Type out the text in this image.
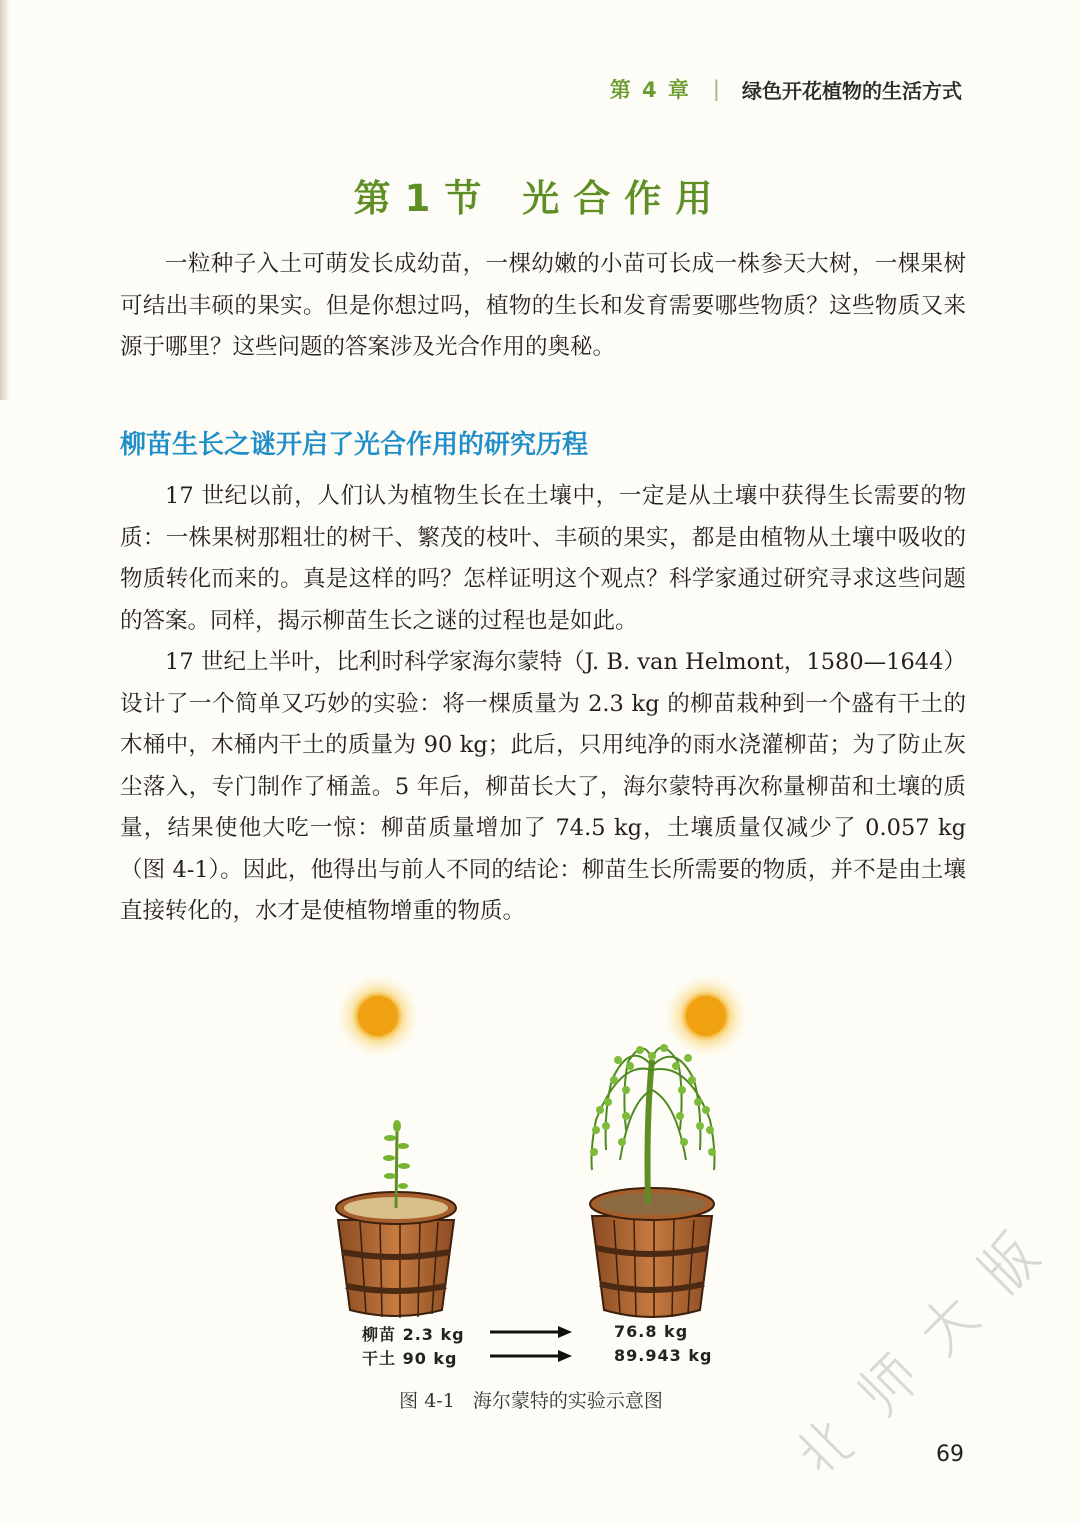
第 4 章 | 绿色开花植物的生活方式
第1节 光合作用

一粒种子入土可萌发长成幼苗，一棵幼嫩的小苗可长成一株参天大树，一棵果树可结出丰硕的果实。但是你想过吗，植物的生长和发育需要哪些物质？这些物质又来源于哪里？这些问题的答案涉及光合作用的奥秘。

柳苗生长之谜开启了光合作用的研究历程

17 世纪以前，人们认为植物生长在土壤中，一定是从土壤中获得生长需要的物质：一株果树那粗壮的树干、繁茂的枝叶、丰硕的果实，都是由植物从土壤中吸收的物质转化而来的。真是这样的吗？怎样证明这个观点？科学家通过研究寻求这些问题的答案。同样，揭示柳苗生长之谜的过程也是如此。

17 世纪上半叶，比利时科学家海尔蒙特（J. B. van Helmont，1580—1644）设计了一个简单又巧妙的实验：将一棵质量为 2.3 kg 的柳苗栽种到一个盛有干土的木桶中，木桶内干土的质量为 90 kg；此后，只用纯净的雨水浇灌柳苗；为了防止灰尘落入，专门制作了桶盖。5 年后，柳苗长大了，海尔蒙特再次称量柳苗和土壤的质量，结果使他大吃一惊：柳苗质量增加了 74.5 kg，土壤质量仅减少了 0.057 kg（图 4-1）。因此，他得出与前人不同的结论：柳苗生长所需要的物质，并不是由土壤直接转化的，水才是使植物增重的物质。

柳苗 2.3 kg
干土 90 kg
76.8 kg
89.943 kg
图 4-1 海尔蒙特的实验示意图
69
